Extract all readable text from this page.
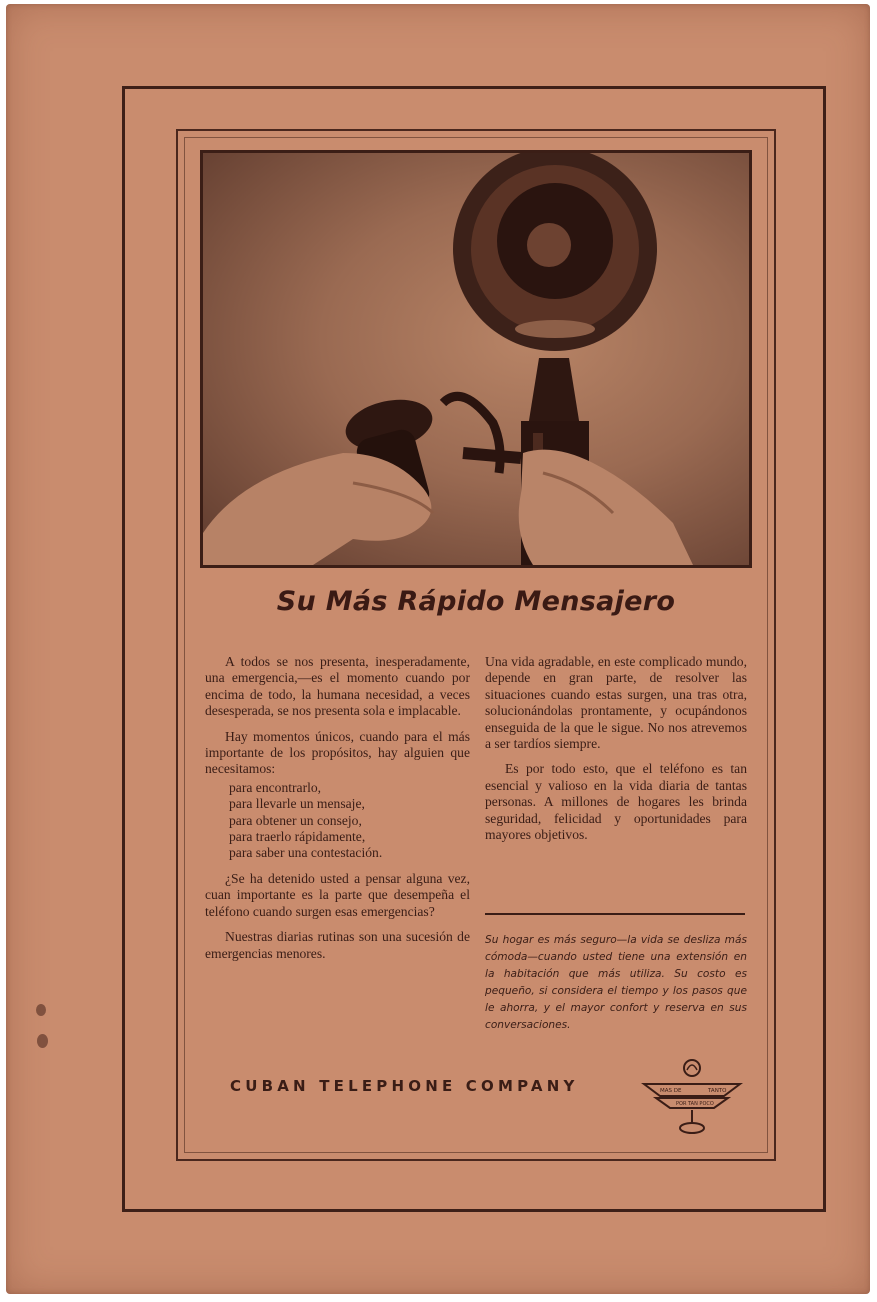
Su Más Rápido Mensajero

A todos se nos presenta, inesperadamente, una emergencia,—es el momento cuando por encima de todo, la humana necesidad, a veces desesperada, se nos presenta sola e implacable.

Hay momentos únicos, cuando para el más importante de los propósitos, hay alguien que necesitamos:

para encontrarlo,
para llevarle un mensaje,
para obtener un consejo,
para traerlo rápidamente,
para saber una contestación.

¿Se ha detenido usted a pensar alguna vez, cuan importante es la parte que desempeña el teléfono cuando surgen esas emergencias?

Nuestras diarias rutinas son una sucesión de emergencias menores.

Una vida agradable, en este complicado mundo, depende en gran parte, de resolver las situaciones cuando estas surgen, una tras otra, solucionándolas prontamente, y ocupándonos enseguida de la que le sigue. No nos atrevemos a ser tardíos siempre.

Es por todo esto, que el teléfono es tan esencial y valioso en la vida diaria de tantas personas. A millones de hogares les brinda seguridad, felicidad y oportunidades para mayores objetivos.

Su hogar es más seguro—la vida se desliza más cómoda—cuando usted tiene una extensión en la habitación que más utiliza. Su costo es pequeño, si considera el tiempo y los pasos que le ahorra, y el mayor confort y reserva en sus conversaciones.
CUBAN TELEPHONE COMPANY	MAS DE	TANTO
POR TAN POCO
